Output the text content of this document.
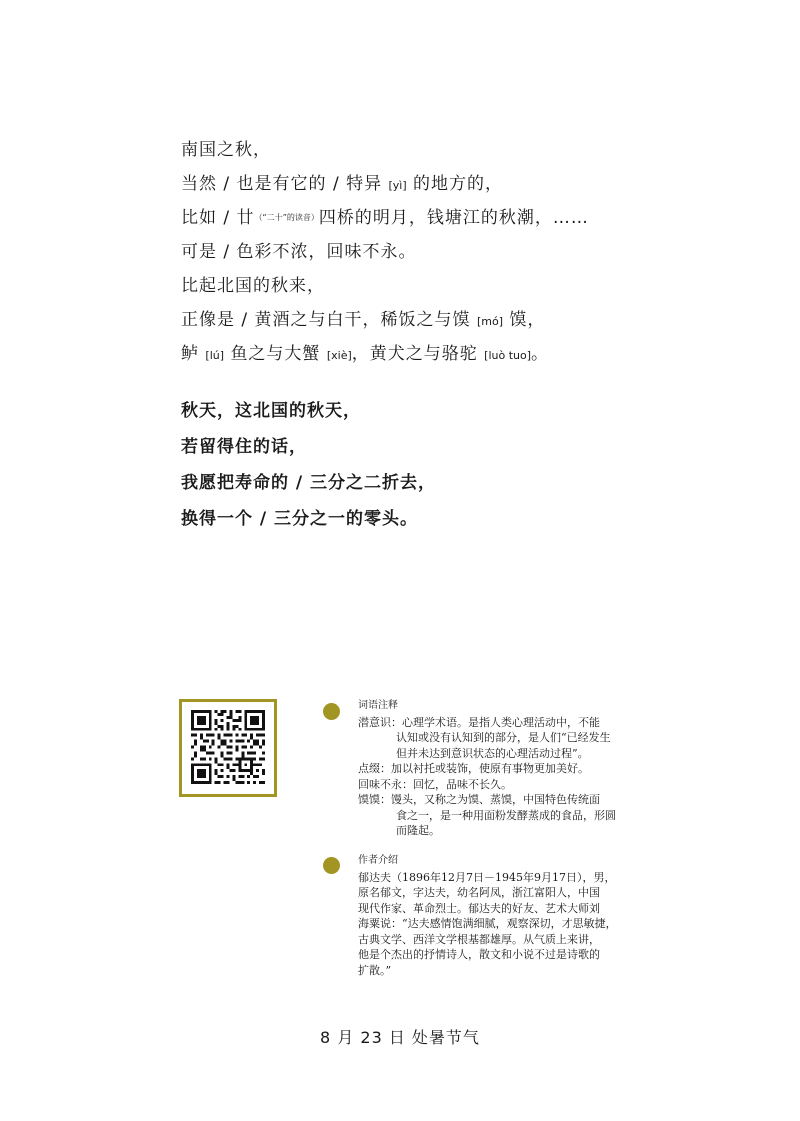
南国之秋，
当然 / 也是有它的 / 特异 [yì] 的地方的，
比如 / 廿（“二十”的读音）四桥的明月，钱塘江的秋潮，……
可是 / 色彩不浓，回味不永。
比起北国的秋来，
正像是 / 黄酒之与白干，稀饭之与馍 [mó] 馍，
鲈 [lú] 鱼之与大蟹 [xiè]，黄犬之与骆驼 [luò tuo]。
秋天，这北国的秋天，
若留得住的话，
我愿把寿命的 / 三分之二折去，
换得一个 / 三分之一的零头。
词语注释
潜意识：心理学术语。是指人类心理活动中，不能
认知或没有认知到的部分，是人们“已经发生
但并未达到意识状态的心理活动过程”。
点缀：加以衬托或装饰，使原有事物更加美好。
回味不永：回忆，品味不长久。
馍馍：馒头，又称之为馍、蒸馍，中国特色传统面
食之一，是一种用面粉发酵蒸成的食品，形圆
而隆起。
作者介绍
郁达夫（1896年12月7日－1945年9月17日），男，
原名郁文，字达夫，幼名阿凤，浙江富阳人，中国
现代作家、革命烈士。郁达夫的好友、艺术大师刘
海粟说：“达夫感情饱满细腻，观察深切，才思敏捷，
古典文学、西洋文学根基都雄厚。从气质上来讲，
他是个杰出的抒情诗人，散文和小说不过是诗歌的
扩散。”
8 月 23 日 处暑节气
